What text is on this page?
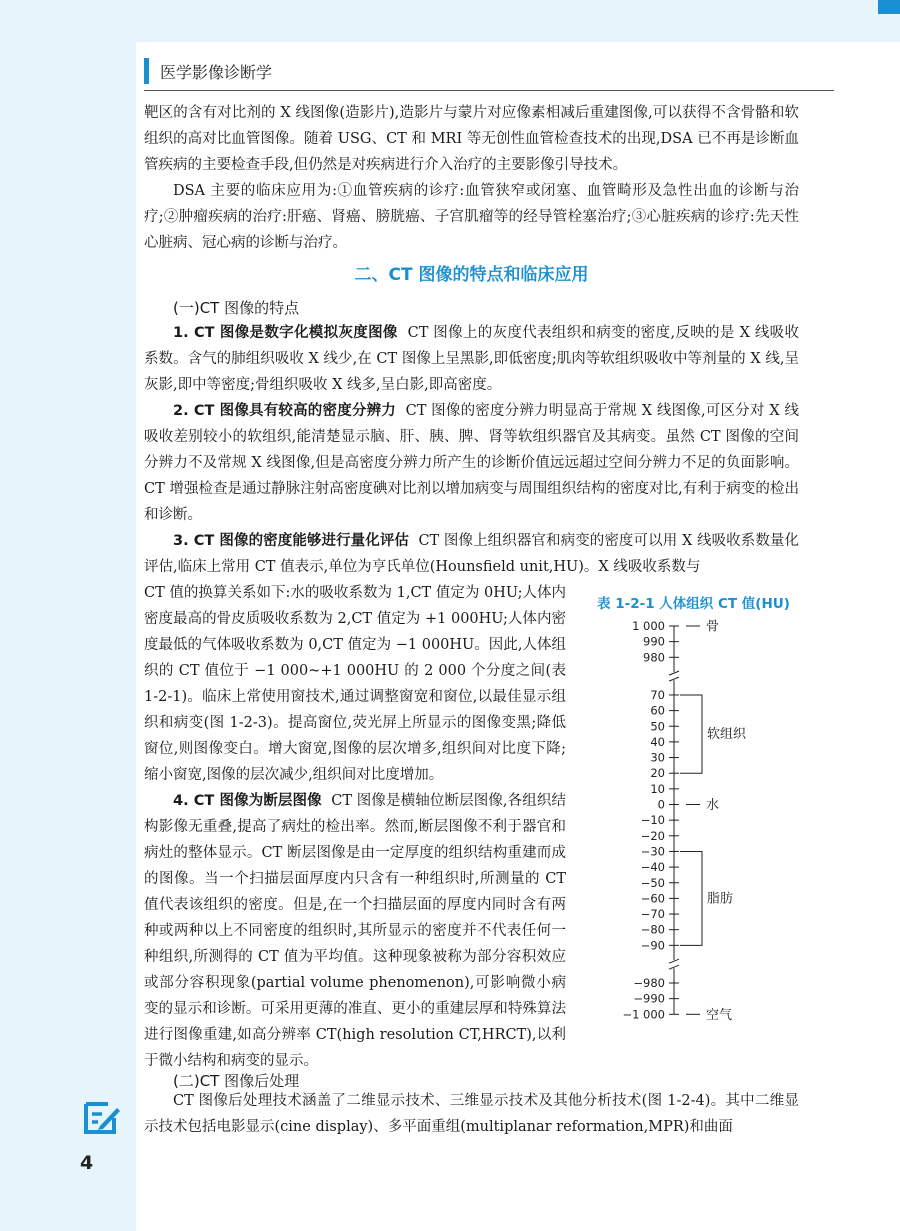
医学影像诊断学

靶区的含有对比剂的 X 线图像(造影片),造影片与蒙片对应像素相减后重建图像,可以获得不含骨骼和软组织的高对比血管图像。随着 USG、CT 和 MRI 等无创性血管检查技术的出现,DSA 已不再是诊断血管疾病的主要检查手段,但仍然是对疾病进行介入治疗的主要影像引导技术。

DSA 主要的临床应用为:①血管疾病的诊疗:血管狭窄或闭塞、血管畸形及急性出血的诊断与治疗;②肿瘤疾病的治疗:肝癌、肾癌、膀胱癌、子宫肌瘤等的经导管栓塞治疗;③心脏疾病的诊疗:先天性心脏病、冠心病的诊断与治疗。

二、CT 图像的特点和临床应用

(一)CT 图像的特点

1. CT 图像是数字化模拟灰度图像 CT 图像上的灰度代表组织和病变的密度,反映的是 X 线吸收系数。含气的肺组织吸收 X 线少,在 CT 图像上呈黑影,即低密度;肌肉等软组织吸收中等剂量的 X 线,呈灰影,即中等密度;骨组织吸收 X 线多,呈白影,即高密度。

2. CT 图像具有较高的密度分辨力 CT 图像的密度分辨力明显高于常规 X 线图像,可区分对 X 线吸收差别较小的软组织,能清楚显示脑、肝、胰、脾、肾等软组织器官及其病变。虽然 CT 图像的空间分辨力不及常规 X 线图像,但是高密度分辨力所产生的诊断价值远远超过空间分辨力不足的负面影响。CT 增强检查是通过静脉注射高密度碘对比剂以增加病变与周围组织结构的密度对比,有利于病变的检出和诊断。

3. CT 图像的密度能够进行量化评估 CT 图像上组织器官和病变的密度可以用 X 线吸收系数量化评估,临床上常用 CT 值表示,单位为亨氏单位(Hounsfield unit,HU)。X 线吸收系数与

CT 值的换算关系如下:水的吸收系数为 1,CT 值定为 0HU;人体内密度最高的骨皮质吸收系数为 2,CT 值定为 +1 000HU;人体内密度最低的气体吸收系数为 0,CT 值定为 −1 000HU。因此,人体组织的 CT 值位于 −1 000~+1 000HU 的 2 000 个分度之间(表 1-2-1)。临床上常使用窗技术,通过调整窗宽和窗位,以最佳显示组织和病变(图 1-2-3)。提高窗位,荧光屏上所显示的图像变黑;降低窗位,则图像变白。增大窗宽,图像的层次增多,组织间对比度下降;缩小窗宽,图像的层次减少,组织间对比度增加。

4. CT 图像为断层图像 CT 图像是横轴位断层图像,各组织结构影像无重叠,提高了病灶的检出率。然而,断层图像不利于器官和病灶的整体显示。CT 断层图像是由一定厚度的组织结构重建而成的图像。当一个扫描层面厚度内只含有一种组织时,所测量的 CT 值代表该组织的密度。但是,在一个扫描层面的厚度内同时含有两种或两种以上不同密度的组织时,其所显示的密度并不代表任何一种组织,所测得的 CT 值为平均值。这种现象被称为部分容积效应或部分容积现象(partial volume phenomenon),可影响微小病变的显示和诊断。可采用更薄的准直、更小的重建层厚和特殊算法进行图像重建,如高分辨率 CT(high resolution CT,HRCT),以利于微小结构和病变的显示。

(二)CT 图像后处理

CT 图像后处理技术涵盖了二维显示技术、三维显示技术及其他分析技术(图 1-2-4)。其中二维显示技术包括电影显示(cine display)、多平面重组(multiplanar reformation,MPR)和曲面

表 1-2-1 人体组织 CT 值(HU)
1 000
990
980
70
60
50
40
30
20
10
0
−10
−20
−30
−40
−50
−60
−70
−80
−90
−980
−990
−1 000
骨
软组织
水
脂肪
空气
4
